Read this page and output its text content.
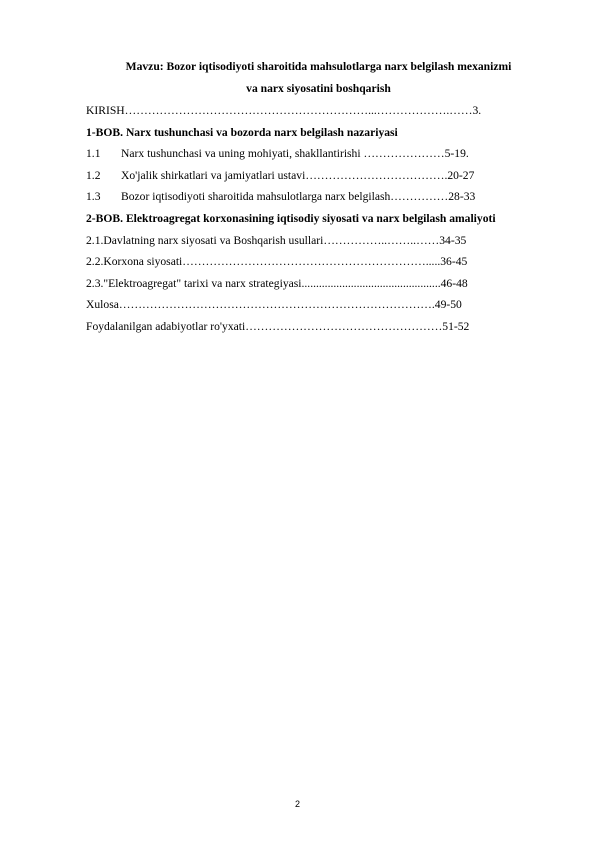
Mavzu: Bozor iqtisodiyoti sharoitida mahsulotlarga narx belgilash mexanizmi
va narx siyosatini boshqarish
KIRISH………………………………………………………...……………….……3.
1-BOB. Narx tushunchasi va bozorda narx belgilash nazariyasi
1.1	Narx tushunchasi va uning mohiyati, shakllantirishi …………………5-19.
1.2	Xo'jalik shirkatlari va jamiyatlari ustavi……………………………….20-27
1.3	Bozor iqtisodiyoti sharoitida mahsulotlarga narx belgilash……………28-33
2-BOB. Elektroagregat korxonasining iqtisodiy siyosati va narx belgilash amaliyoti
2.1.Davlatning narx siyosati va Boshqarish usullari……………..……..……34-35
2.2.Korxona siyosati……………………………………………………….....36-45
2.3."Elektroagregat" tarixi va narx strategiyasi................................................46-48
Xulosa……………………………………………………………………….49-50
Foydalanilgan adabiyotlar ro'yxati……………………………………………51-52
2
